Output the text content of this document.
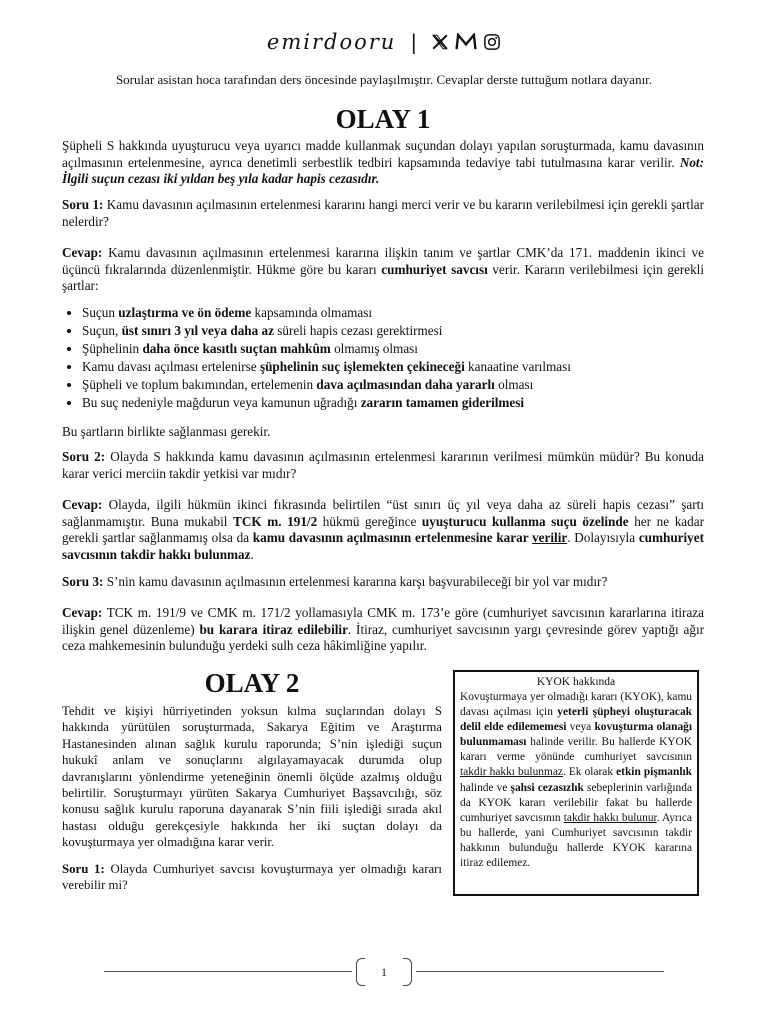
emirdooru |
Sorular asistan hoca tarafından ders öncesinde paylaşılmıştır. Cevaplar derste tuttuğum notlara dayanır.
OLAY 1

Şüpheli S hakkında uyuşturucu veya uyarıcı madde kullanmak suçundan dolayı yapılan soruşturmada, kamu davasının açılmasının ertelenmesine, ayrıca denetimli serbestlik tedbiri kapsamında tedaviye tabi tutulmasına karar verilir. Not: İlgili suçun cezası iki yıldan beş yıla kadar hapis cezasıdır.

Soru 1: Kamu davasının açılmasının ertelenmesi kararını hangi merci verir ve bu kararın verilebilmesi için gerekli şartlar nelerdir?

Cevap: Kamu davasının açılmasının ertelenmesi kararına ilişkin tanım ve şartlar CMK’da 171. maddenin ikinci ve üçüncü fıkralarında düzenlenmiştir. Hükme göre bu kararı cumhuriyet savcısı verir. Kararın verilebilmesi için gerekli şartlar:

• Suçun uzlaştırma ve ön ödeme kapsamında olmaması
• Suçun, üst sınırı 3 yıl veya daha az süreli hapis cezası gerektirmesi
• Şüphelinin daha önce kasıtlı suçtan mahkûm olmamış olması
• Kamu davası açılması ertelenirse şüphelinin suç işlemekten çekineceği kanaatine varılması
• Şüpheli ve toplum bakımından, ertelemenin dava açılmasından daha yararlı olması
• Bu suç nedeniyle mağdurun veya kamunun uğradığı zararın tamamen giderilmesi

Bu şartların birlikte sağlanması gerekir.

Soru 2: Olayda S hakkında kamu davasının açılmasının ertelenmesi kararının verilmesi mümkün müdür? Bu konuda karar verici merciin takdir yetkisi var mıdır?

Cevap: Olayda, ilgili hükmün ikinci fıkrasında belirtilen “üst sınırı üç yıl veya daha az süreli hapis cezası” şartı sağlanmamıştır. Buna mukabil TCK m. 191/2 hükmü gereğince uyuşturucu kullanma suçu özelinde her ne kadar gerekli şartlar sağlanmamış olsa da kamu davasının açılmasının ertelenmesine karar verilir. Dolayısıyla cumhuriyet savcısının takdir hakkı bulunmaz.

Soru 3: S’nin kamu davasının açılmasının ertelenmesi kararına karşı başvurabileceği bir yol var mıdır?

Cevap: TCK m. 191/9 ve CMK m. 171/2 yollamasıyla CMK m. 173’e göre (cumhuriyet savcısının kararlarına itiraza ilişkin genel düzenleme) bu karara itiraz edilebilir. İtiraz, cumhuriyet savcısının yargı çevresinde görev yaptığı ağır ceza mahkemesinin bulunduğu yerdeki sulh ceza hâkimliğine yapılır.

OLAY 2

Tehdit ve kişiyi hürriyetinden yoksun kılma suçlarından dolayı S hakkında yürütülen soruşturmada, Sakarya Eğitim ve Araştırma Hastanesinden alınan sağlık kurulu raporunda; S’nin işlediği suçun hukukî anlam ve sonuçlarını algılayamayacak durumda olup davranışlarını yönlendirme yeteneğinin önemli ölçüde azalmış olduğu belirtilir. Soruşturmayı yürüten Sakarya Cumhuriyet Başsavcılığı, söz konusu sağlık kurulu raporuna dayanarak S’nin fiili işlediği sırada akıl hastası olduğu gerekçesiyle hakkında her iki suçtan dolayı da kovuşturmaya yer olmadığına karar verir.

Soru 1: Olayda Cumhuriyet savcısı kovuşturmaya yer olmadığı kararı verebilir mi?

KYOK hakkında

Kovuşturmaya yer olmadığı kararı (KYOK), kamu davası açılması için yeterli şüpheyi oluşturacak delil elde edilememesi veya kovuşturma olanağı bulunmaması halinde verilir. Bu hallerde KYOK kararı verme yönünde cumhuriyet savcısının takdir hakkı bulunmaz. Ek olarak etkin pişmanlık halinde ve şahsi cezasızlık sebeplerinin varlığında da KYOK kararı verilebilir fakat bu hallerde cumhuriyet savcısının takdir hakkı bulunur. Ayrıca bu hallerde, yani Cumhuriyet savcısının takdir hakkının bulunduğu hallerde KYOK kararına itiraz edilemez.

1
